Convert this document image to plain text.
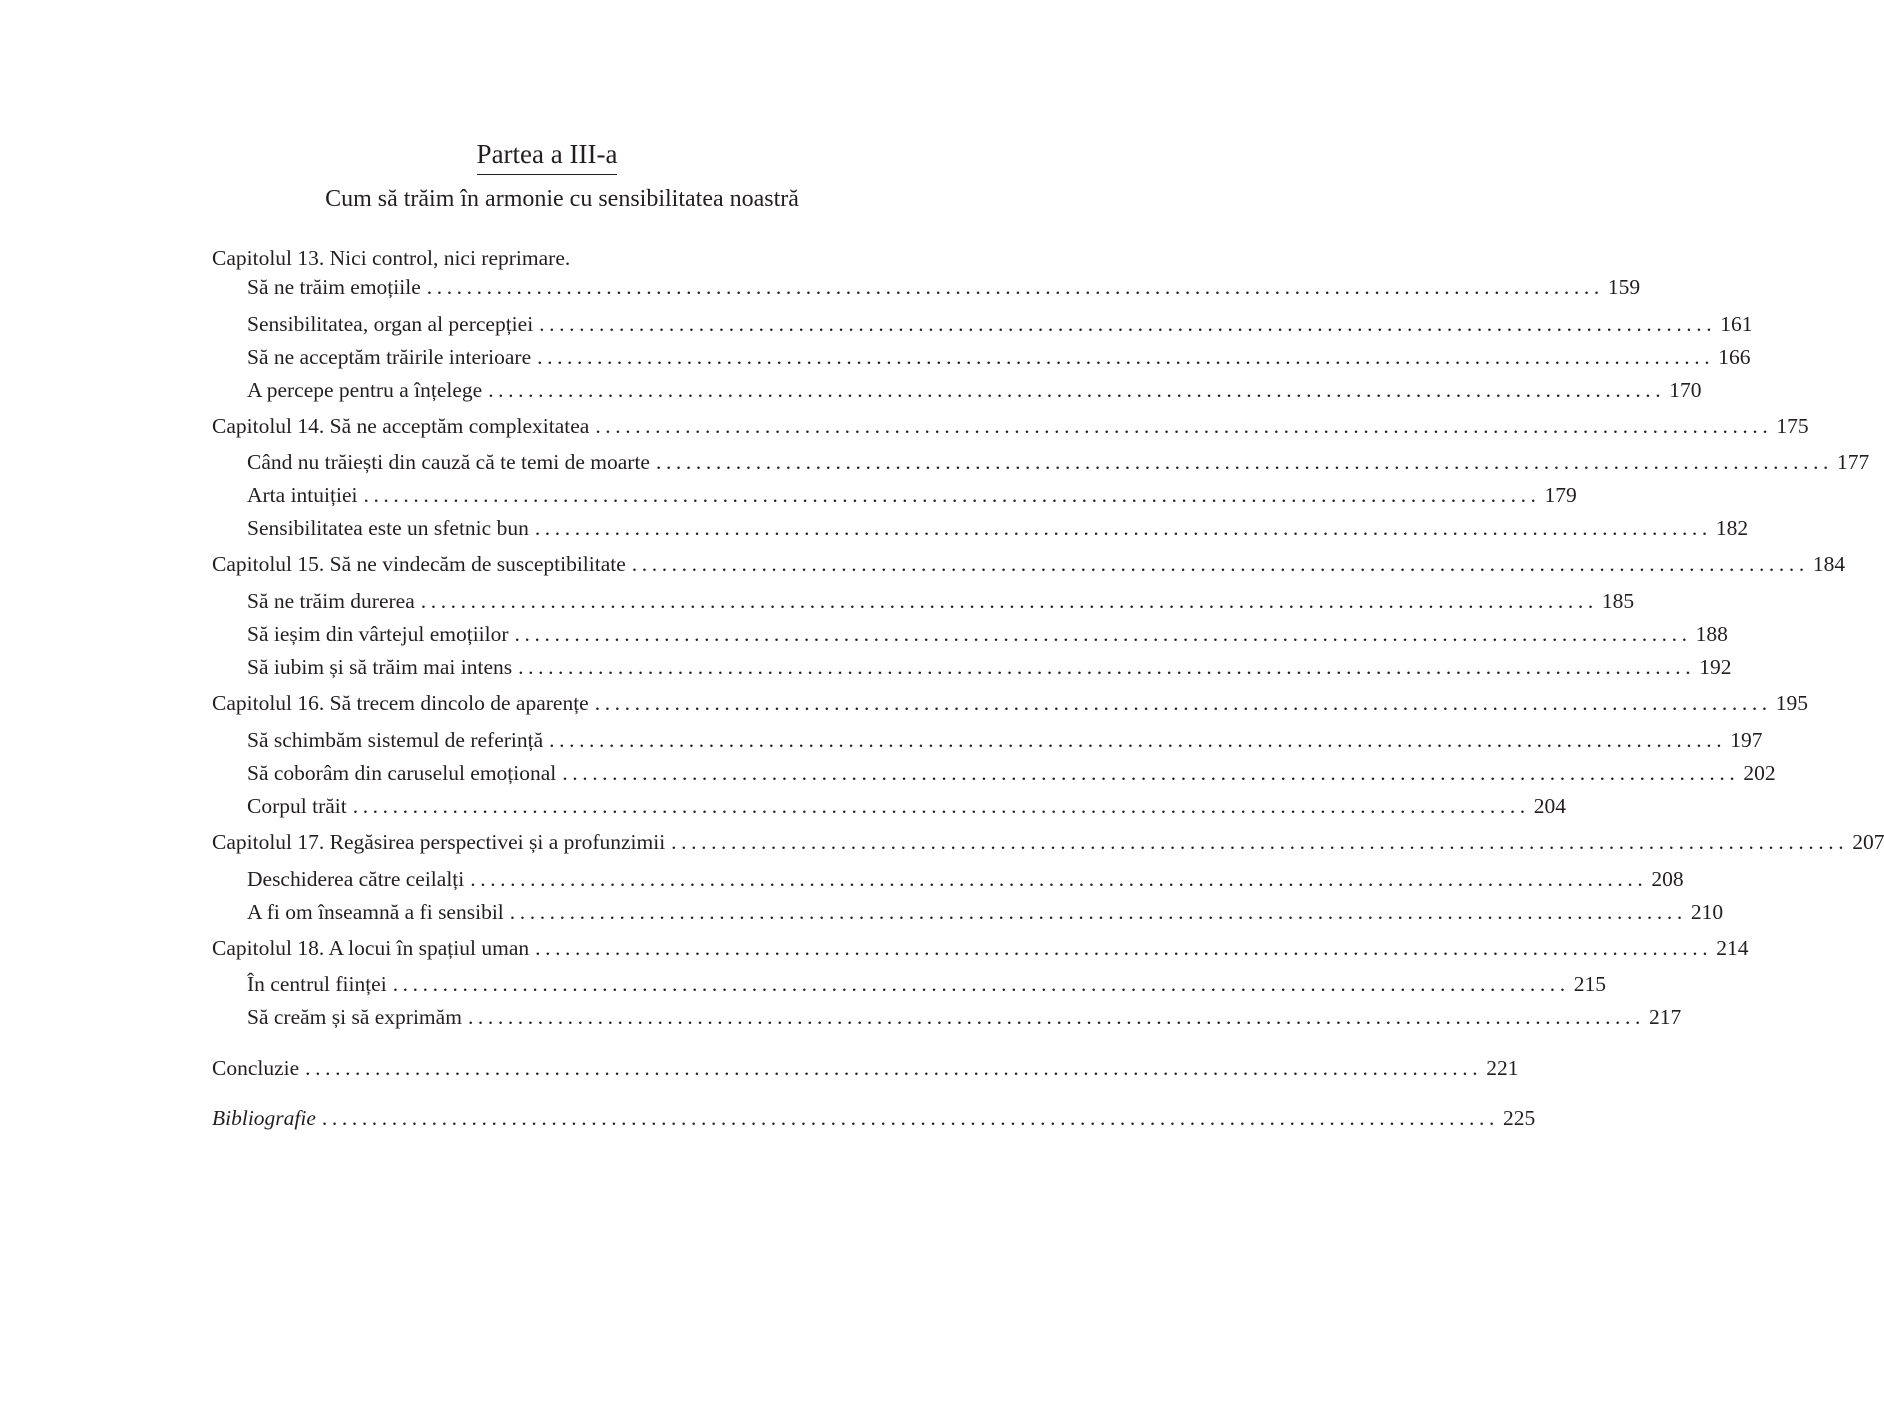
Partea a III-a
Cum să trăim în armonie cu sensibilitatea noastră
Capitolul 13. Nici control, nici reprimare.
Să ne trăim emoțiile ...................................................................................................................... 159
Sensibilitatea, organ al percepției ...................................................................................................................... 161
Să ne acceptăm trăirile interioare ...................................................................................................................... 166
A percepe pentru a înțelege ...................................................................................................................... 170
Capitolul 14. Să ne acceptăm complexitatea ...................................................................................................................... 175
Când nu trăiești din cauză că te temi de moarte ...................................................................................................................... 177
Arta intuiției ...................................................................................................................... 179
Sensibilitatea este un sfetnic bun ...................................................................................................................... 182
Capitolul 15. Să ne vindecăm de susceptibilitate ...................................................................................................................... 184
Să ne trăim durerea ...................................................................................................................... 185
Să ieșim din vârtejul emoțiilor ...................................................................................................................... 188
Să iubim și să trăim mai intens ...................................................................................................................... 192
Capitolul 16. Să trecem dincolo de aparențe ...................................................................................................................... 195
Să schimbăm sistemul de referință ...................................................................................................................... 197
Să coborâm din caruselul emoțional ...................................................................................................................... 202
Corpul trăit ...................................................................................................................... 204
Capitolul 17. Regăsirea perspectivei și a profunzimii ...................................................................................................................... 207
Deschiderea către ceilalți ...................................................................................................................... 208
A fi om înseamnă a fi sensibil ...................................................................................................................... 210
Capitolul 18. A locui în spațiul uman ...................................................................................................................... 214
În centrul ființei ...................................................................................................................... 215
Să creăm și să exprimăm ...................................................................................................................... 217
Concluzie ...................................................................................................................... 221
Bibliografie ...................................................................................................................... 225
